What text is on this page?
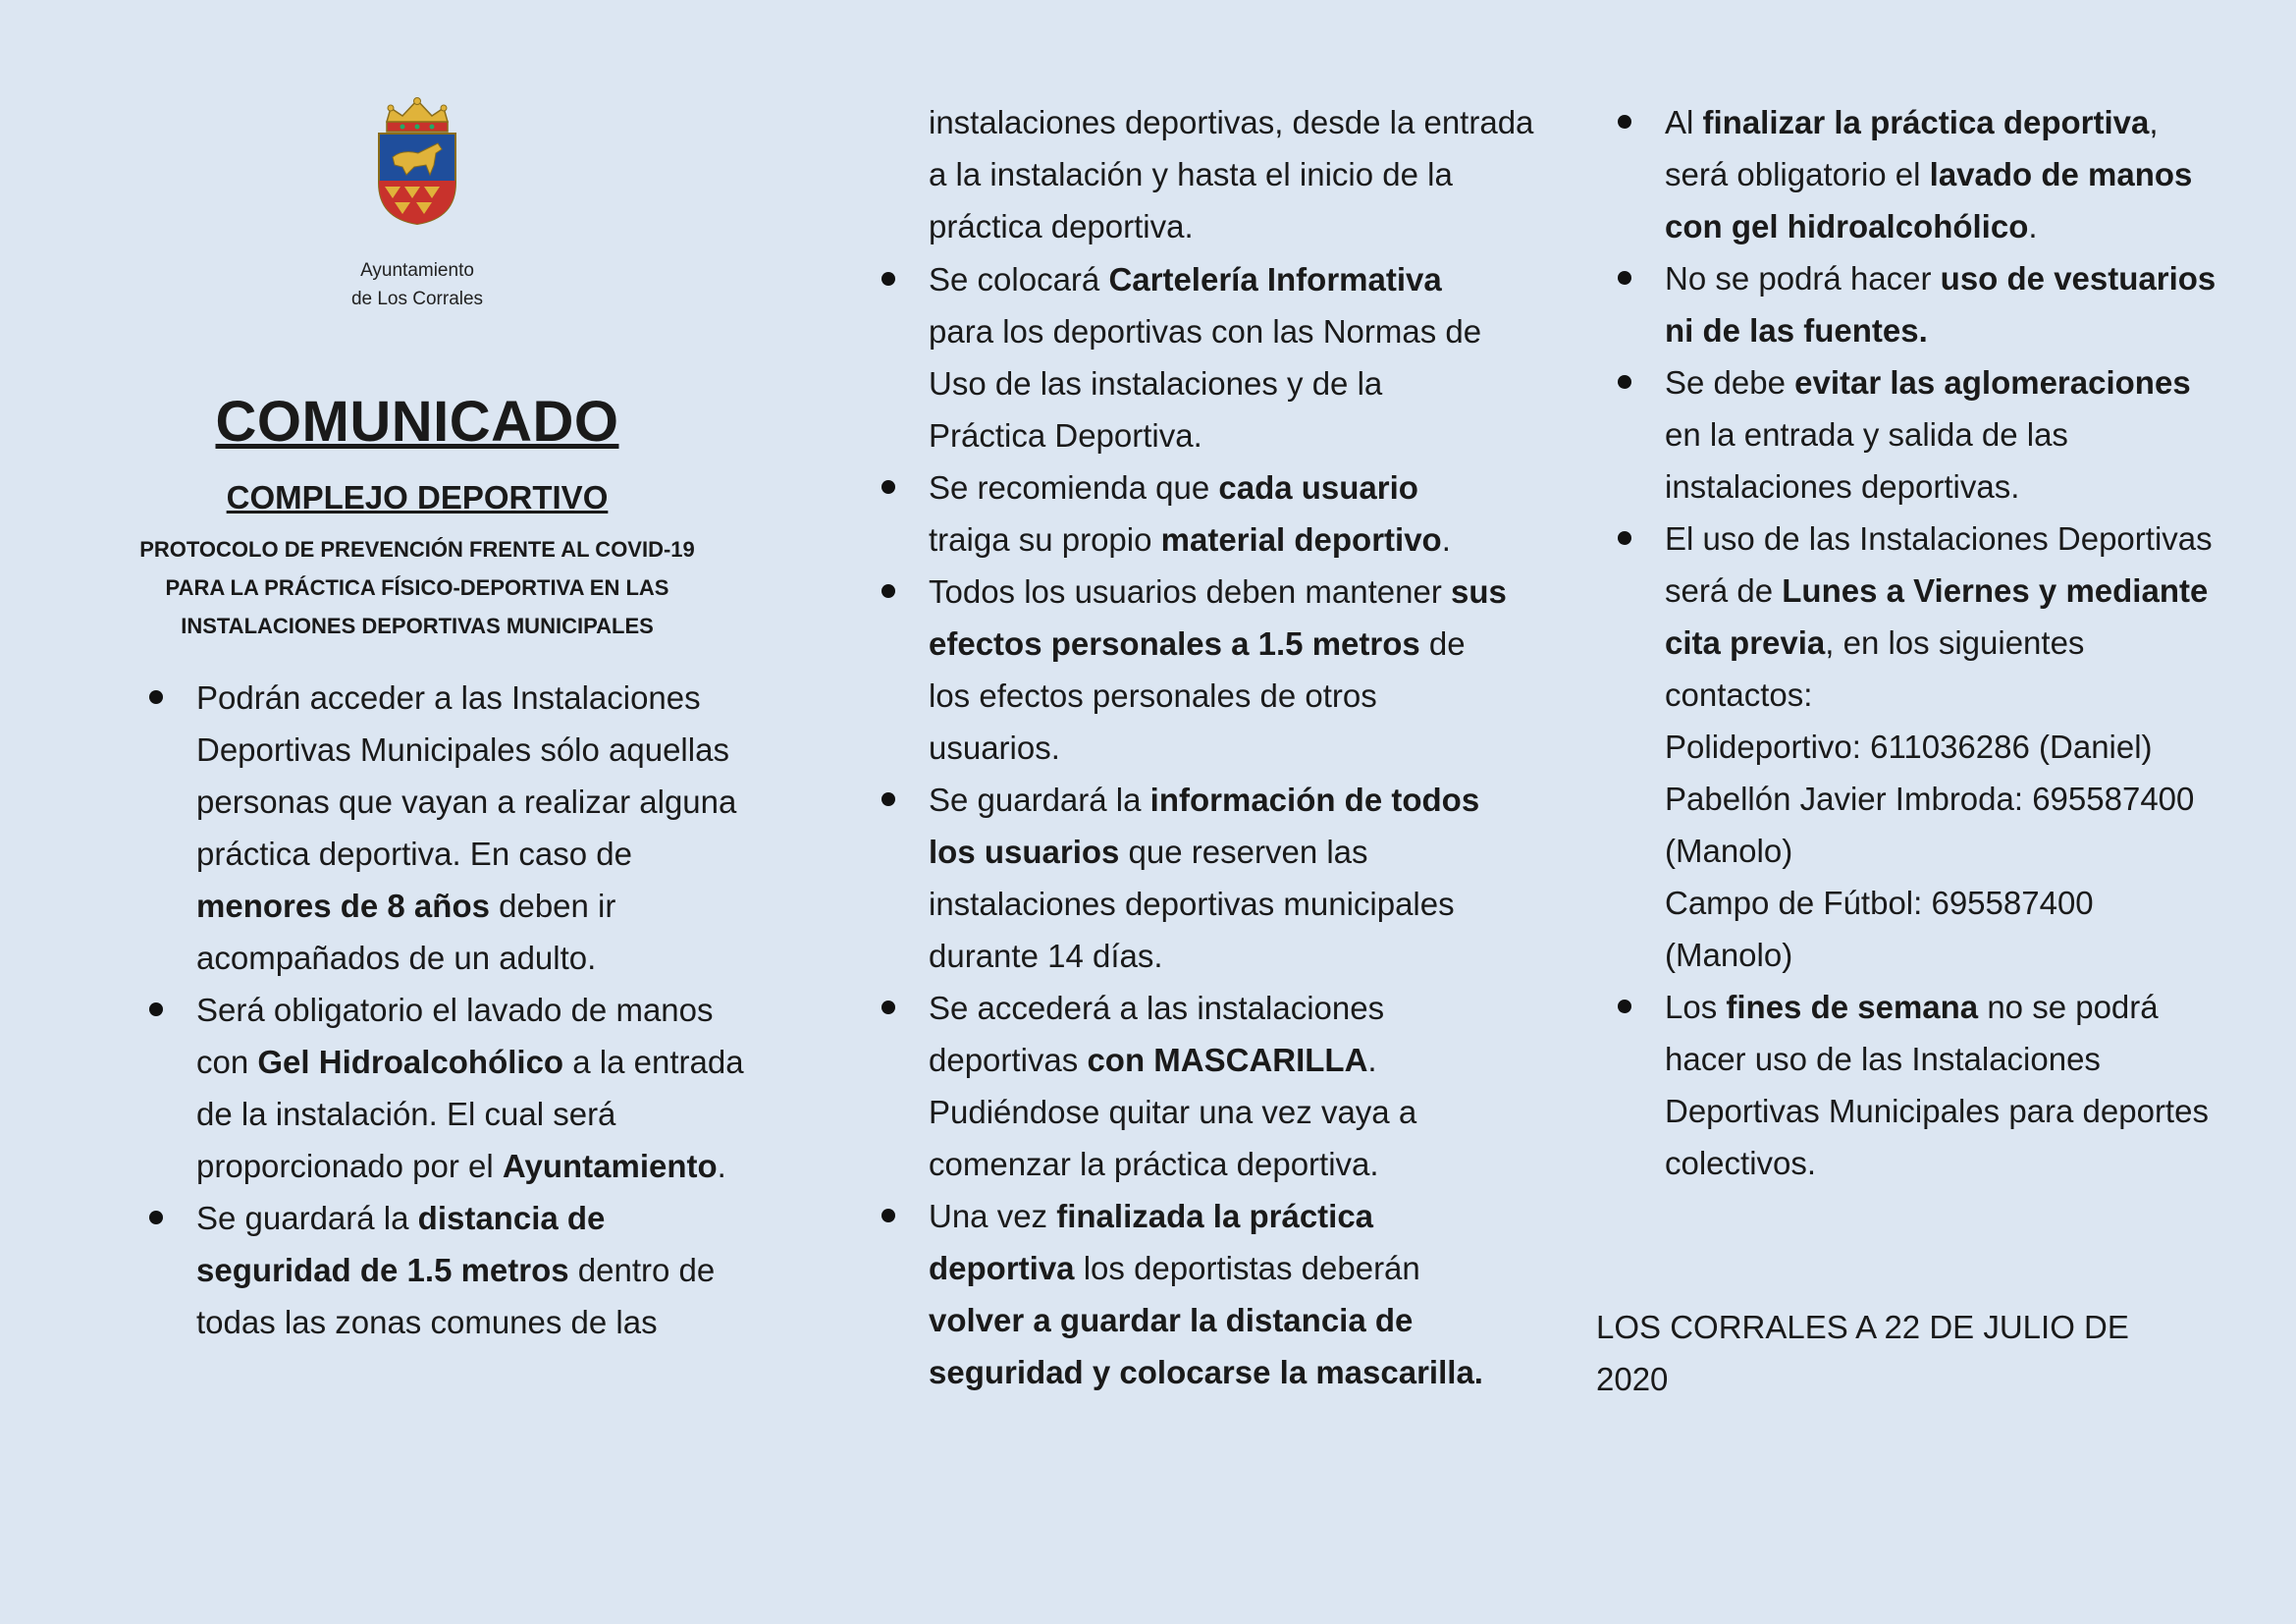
Ayuntamiento
de Los Corrales
COMUNICADO
COMPLEJO DEPORTIVO
PROTOCOLO DE PREVENCIÓN FRENTE AL COVID-19
PARA LA PRÁCTICA FÍSICO-DEPORTIVA EN LAS
INSTALACIONES DEPORTIVAS MUNICIPALES
Podrán acceder a las Instalaciones Deportivas Municipales sólo aquellas personas que vayan a realizar alguna práctica deportiva. En caso de menores de 8 años deben ir acompañados de un adulto.
Será obligatorio el lavado de manos con Gel Hidroalcohólico a la entrada de la instalación. El cual será proporcionado por el Ayuntamiento.
Se guardará la distancia de seguridad de 1.5 metros dentro de todas las zonas comunes de las
instalaciones deportivas, desde la entrada a la instalación y hasta el inicio de la práctica deportiva.
Se colocará Cartelería Informativa para los deportivas con las Normas de Uso de las instalaciones y de la Práctica Deportiva.
Se recomienda que cada usuario traiga su propio material deportivo.
Todos los usuarios deben mantener sus efectos personales a 1.5 metros de los efectos personales de otros usuarios.
Se guardará la información de todos los usuarios que reserven las instalaciones deportivas municipales durante 14 días.
Se accederá a las instalaciones deportivas con MASCARILLA. Pudiéndose quitar una vez vaya a comenzar la práctica deportiva.
Una vez finalizada la práctica deportiva los deportistas deberán volver a guardar la distancia de seguridad y colocarse la mascarilla.
Al finalizar la práctica deportiva, será obligatorio el lavado de manos con gel hidroalcohólico.
No se podrá hacer uso de vestuarios ni de las fuentes.
Se debe evitar las aglomeraciones en la entrada y salida de las instalaciones deportivas.
El uso de las Instalaciones Deportivas será de Lunes a Viernes y mediante cita previa, en los siguientes contactos:
Polideportivo: 611036286 (Daniel)
Pabellón Javier Imbroda: 695587400 (Manolo)
Campo de Fútbol: 695587400 (Manolo)
Los fines de semana no se podrá hacer uso de las Instalaciones Deportivas Municipales para deportes colectivos.
LOS CORRALES A 22 DE JULIO DE 2020
